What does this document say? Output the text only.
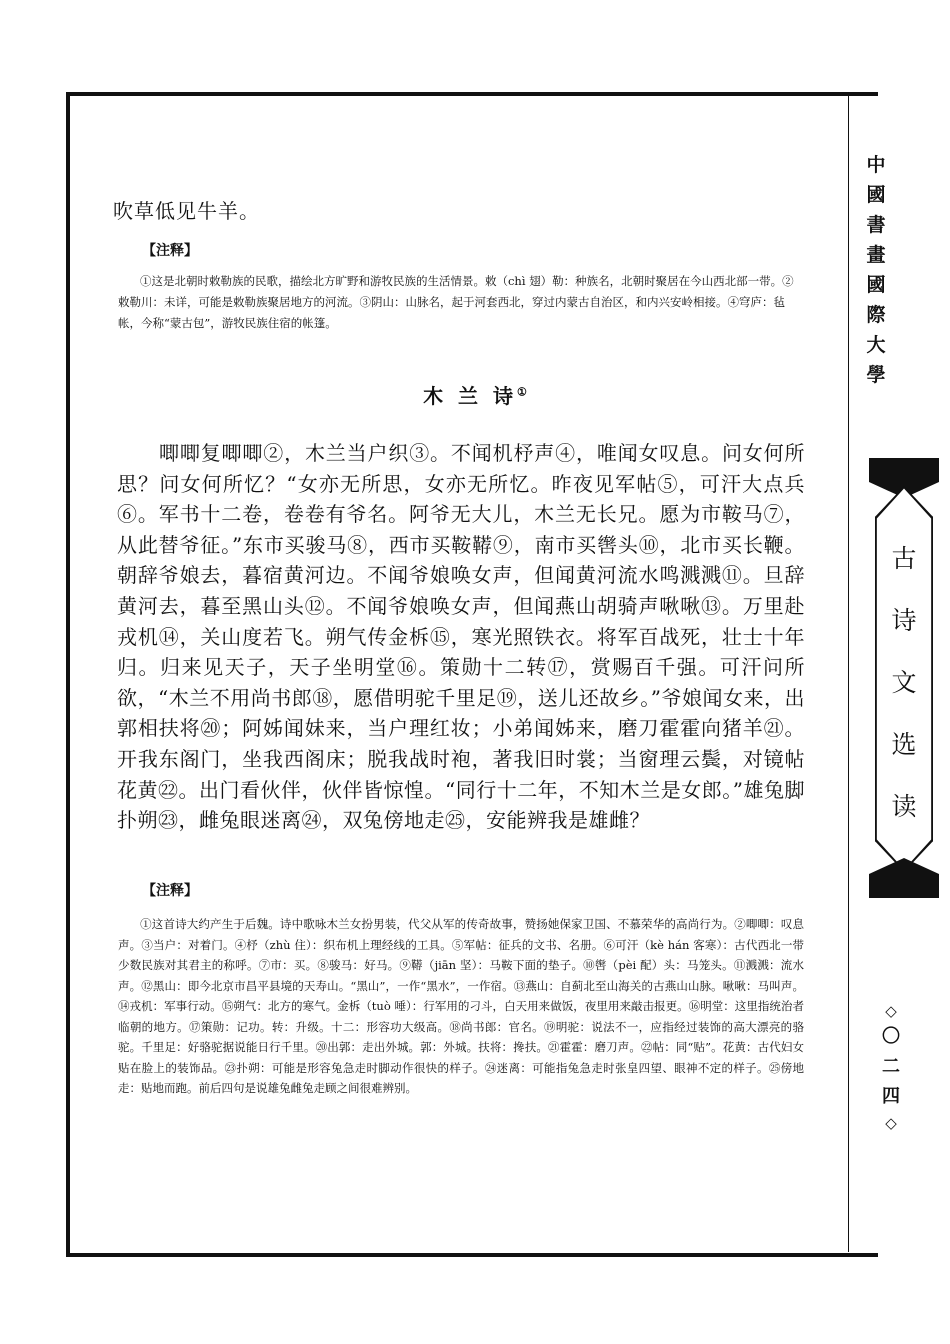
吹草低见牛羊。

【注释】

①这是北朝时敕勒族的民歌，描绘北方旷野和游牧民族的生活情景。敕（chì 翅）勒：种族名，北朝时聚居在今山西北部一带。②敕勒川：未详，可能是敕勒族聚居地方的河流。③阴山：山脉名，起于河套西北，穿过内蒙古自治区，和内兴安岭相接。④穹庐：毡帐，今称“蒙古包”，游牧民族住宿的帐篷。
木 兰 诗①
唧唧复唧唧②，木兰当户织③。不闻机杼声④，唯闻女叹息。问女何所思？问女何所忆？“女亦无所思，女亦无所忆。昨夜见军帖⑤，可汗大点兵⑥。军书十二卷，卷卷有爷名。阿爷无大儿，木兰无长兄。愿为市鞍马⑦，从此替爷征。”东市买骏马⑧，西市买鞍鞯⑨，南市买辔头⑩，北市买长鞭。朝辞爷娘去，暮宿黄河边。不闻爷娘唤女声，但闻黄河流水鸣溅溅⑪。旦辞黄河去，暮至黑山头⑫。不闻爷娘唤女声，但闻燕山胡骑声啾啾⑬。万里赴戎机⑭，关山度若飞。朔气传金柝⑮，寒光照铁衣。将军百战死，壮士十年归。归来见天子，天子坐明堂⑯。策勋十二转⑰，赏赐百千强。可汗问所欲，“木兰不用尚书郎⑱，愿借明驼千里足⑲，送儿还故乡。”爷娘闻女来，出郭相扶将⑳；阿姊闻妹来，当户理红妆；小弟闻姊来，磨刀霍霍向猪羊㉑。开我东阁门，坐我西阁床；脱我战时袍，著我旧时裳；当窗理云鬓，对镜帖花黄㉒。出门看伙伴，伙伴皆惊惶。“同行十二年，不知木兰是女郎。”雄兔脚扑朔㉓，雌兔眼迷离㉔，双兔傍地走㉕，安能辨我是雄雌？

【注释】

①这首诗大约产生于后魏。诗中歌咏木兰女扮男装，代父从军的传奇故事，赞扬她保家卫国、不慕荣华的高尚行为。②唧唧：叹息声。③当户：对着门。④杼（zhù 住）：织布机上理经线的工具。⑤军帖：征兵的文书、名册。⑥可汗（kè hán 客寒）：古代西北一带少数民族对其君主的称呼。⑦市：买。⑧骏马：好马。⑨鞯（jiān 坚）：马鞍下面的垫子。⑩辔（pèi 配）头：马笼头。⑪溅溅：流水声。⑫黑山：即今北京市昌平县境的天寿山。“黑山”，一作“黑水”，一作宿。⑬燕山：自蓟北至山海关的古燕山山脉。啾啾：马叫声。⑭戎机：军事行动。⑮朔气：北方的寒气。金柝（tuò 唾）：行军用的刁斗，白天用来做饭，夜里用来敲击报更。⑯明堂：这里指统治者临朝的地方。⑰策勋：记功。转：升级。十二：形容功大级高。⑱尚书郎：官名。⑲明驼：说法不一，应指经过装饰的高大漂亮的骆驼。千里足：好骆驼据说能日行千里。⑳出郭：走出外城。郭：外城。扶将：搀扶。㉑霍霍：磨刀声。㉒帖：同“贴”。花黄：古代妇女贴在脸上的装饰品。㉓扑朔：可能是形容兔急走时脚动作很快的样子。㉔迷离：可能指兔急走时张皇四望、眼神不定的样子。㉕傍地走：贴地而跑。前后四句是说雄兔雌兔走顾之间很难辨别。
中
國
書
畫
國
際
大
學
古
诗
文
选
读
◇
〇
二
四
◇
